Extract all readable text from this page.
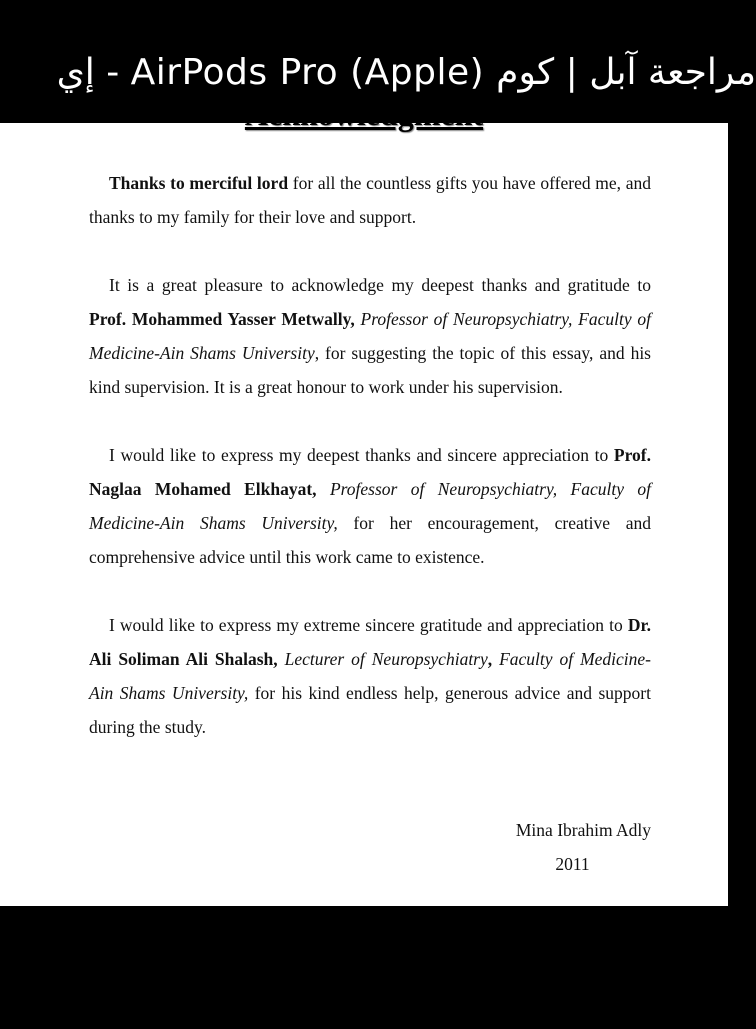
Thanks to merciful lord for all the countless gifts you have offered me, and thanks to my family for their love and support.

It is a great pleasure to acknowledge my deepest thanks and gratitude to Prof. Mohammed Yasser Metwally, Professor of Neuropsychiatry, Faculty of Medicine-Ain Shams University, for suggesting the topic of this essay, and his kind supervision. It is a great honour to work under his supervision.

I would like to express my deepest thanks and sincere appreciation to Prof. Naglaa Mohamed Elkhayat, Professor of Neuropsychiatry, Faculty of Medicine-Ain Shams University, for her encouragement, creative and comprehensive advice until this work came to existence.

I would like to express my extreme sincere gratitude and appreciation to Dr. Ali Soliman Ali Shalash, Lecturer of Neuropsychiatry, Faculty of Medicine-Ain Shams University, for his kind endless help, generous advice and support during the study.

Mina Ibrahim Adly
2011
إي - AirPods Pro (Apple) مراجعة آبل | كوم
